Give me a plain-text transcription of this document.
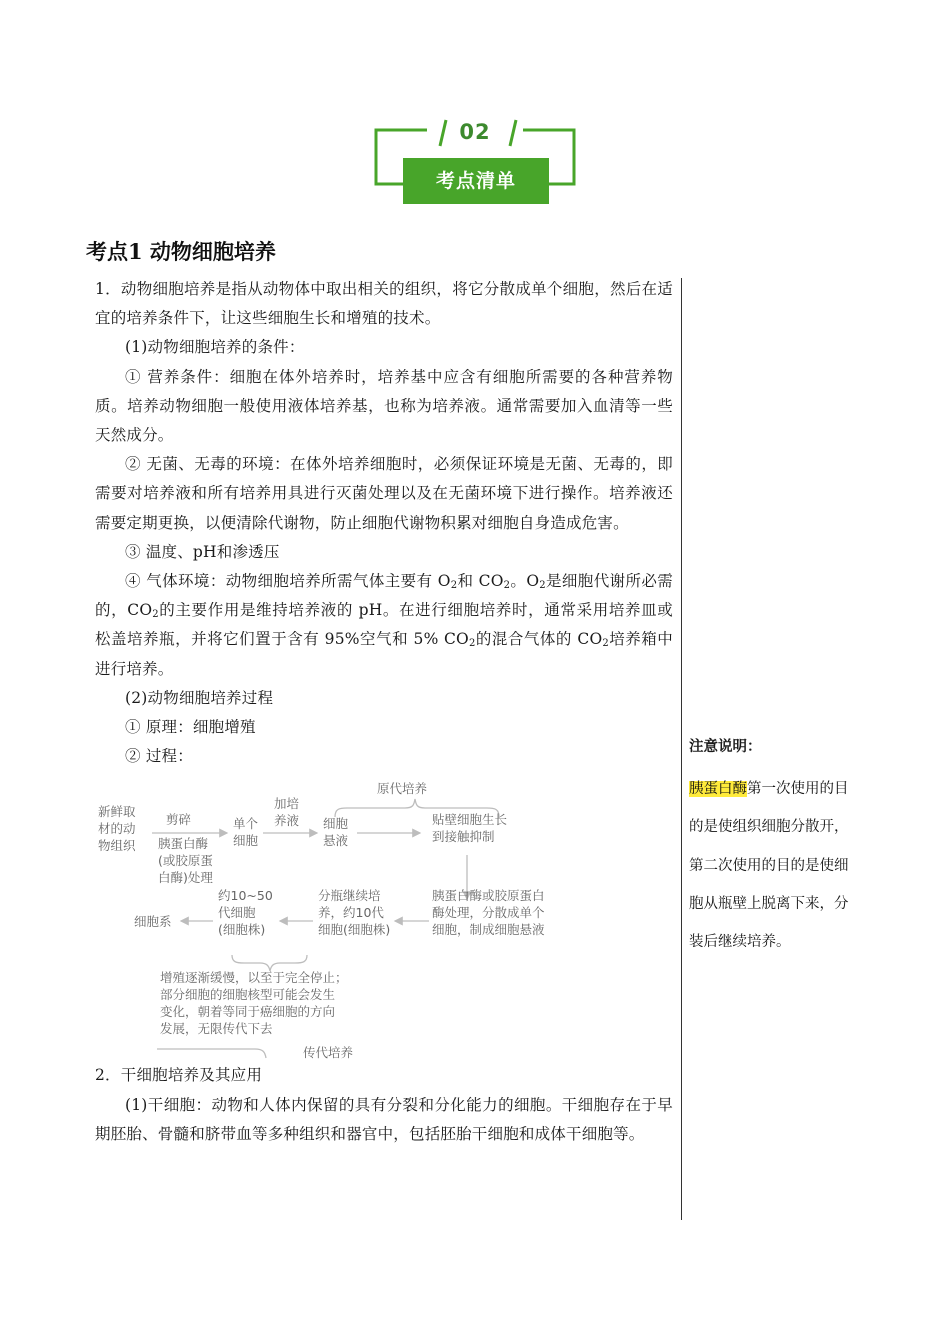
02
考点清单
考点1 动物细胞培养

1．动物细胞培养是指从动物体中取出相关的组织，将它分散成单个细胞，然后在适宜的培养条件下，让这些细胞生长和增殖的技术。

(1)动物细胞培养的条件：

① 营养条件：细胞在体外培养时，培养基中应含有细胞所需要的各种营养物质。培养动物细胞一般使用液体培养基，也称为培养液。通常需要加入血清等一些天然成分。

② 无菌、无毒的环境：在体外培养细胞时，必须保证环境是无菌、无毒的，即需要对培养液和所有培养用具进行灭菌处理以及在无菌环境下进行操作。培养液还需要定期更换，以便清除代谢物，防止细胞代谢物积累对细胞自身造成危害。

③ 温度、pH和渗透压

④ 气体环境：动物细胞培养所需气体主要有 $O_2$和 $CO_2$。$O_2$是细胞代谢所必需的，$CO_2$的主要作用是维持培养液的 pH。在进行细胞培养时，通常采用培养皿或松盖培养瓶，并将它们置于含有 95%空气和 5% $CO_2$的混合气体的 $CO_2$培养箱中进行培养。

(2)动物细胞培养过程

① 原理：细胞增殖

② 过程：

新鲜取
材的动
物组织
剪碎
胰蛋白酶
(或胶原蛋
白酶)处理
单个
细胞
加培
养液 细胞
悬液
原代培养
贴壁细胞生长
到接触抑制
胰蛋白酶或胶原蛋白
酶处理，分散成单个
细胞，制成细胞悬液
分瓶继续培
养，约10代
细胞(细胞株)
约10~50
代细胞
(细胞株)
细胞系
增殖逐渐缓慢，以至于完全停止；
部分细胞的细胞核型可能会发生
变化，朝着等同于癌细胞的方向
发展，无限传代下去
传代培养

2．干细胞培养及其应用

(1)干细胞：动物和人体内保留的具有分裂和分化能力的细胞。干细胞存在于早期胚胎、骨髓和脐带血等多种组织和器官中，包括胚胎干细胞和成体干细胞等。

注意说明：
胰蛋白酶第一次使用的目的是使组织细胞分散开，第二次使用的目的是使细胞从瓶壁上脱离下来，分装后继续培养。
